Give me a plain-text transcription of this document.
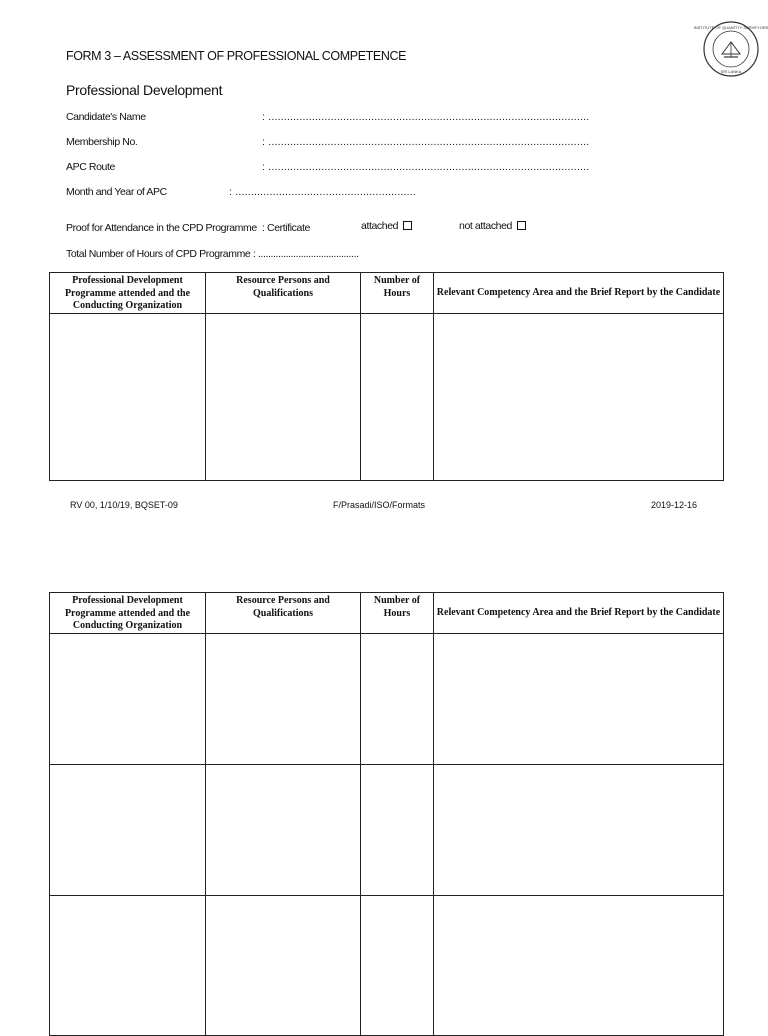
INSTITUTE OF QUANTITY SURVEYORS
SRI LANKA
FORM 3 – ASSESSMENT OF PROFESSIONAL COMPETENCE
Professional Development
Candidate's Name	: .......................................................................................................
Membership No.	: .......................................................................................................
APC Route	: .......................................................................................................
Month and Year of APC	: ..........................................................
Proof for Attendance in the CPD Programme : Certificate	attached	not attached
Total Number of Hours of CPD Programme : ........................................
Professional Development Programme attended and the Conducting Organization	Resource Persons and Qualifications	Number of Hours	Relevant Competency Area and the Brief Report by the Candidate

RV 00, 1/10/19, BQSET-09	F/Prasadi/ISO/Formats	2019-12-16
Professional Development Programme attended and the Conducting Organization	Resource Persons and Qualifications	Number of Hours	Relevant Competency Area and the Brief Report by the Candidate
